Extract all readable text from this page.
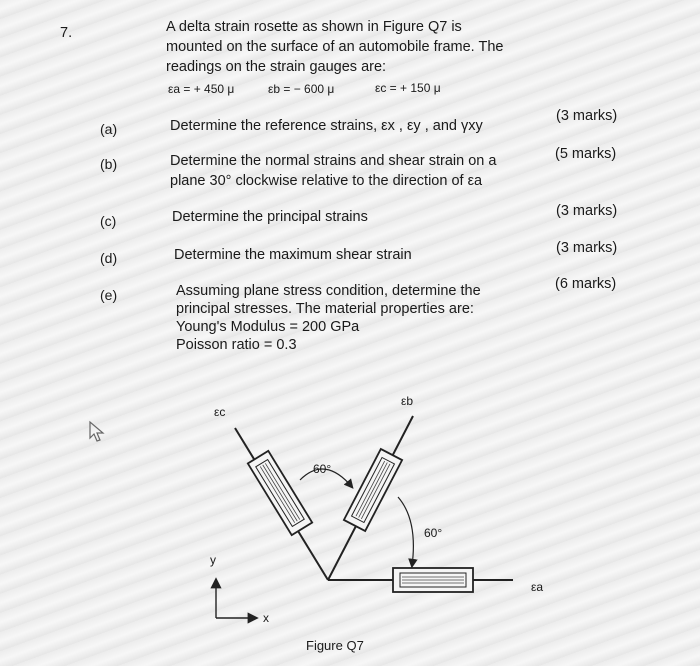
7.	A delta strain rosette as shown in Figure Q7 is
mounted on the surface of an automobile frame. The
readings on the strain gauges are:
εa = + 450 μ	εb = − 600 μ	εc = + 150 μ
(a)	Determine the reference strains, εx , εy , and γxy
(3 marks)
(b)	Determine the normal strains and shear strain on a
plane 30° clockwise relative to the direction of εa
(5 marks)
(c)	Determine the principal strains	(3 marks)
(d)	Determine the maximum shear strain	(3 marks)
(e)	Assuming plane stress condition, determine the
principal stresses. The material properties are:
Young's Modulus = 200 GPa
Poisson ratio = 0.3
(6 marks)
εc
εb
εa
60°
60°
y
x
Figure Q7
